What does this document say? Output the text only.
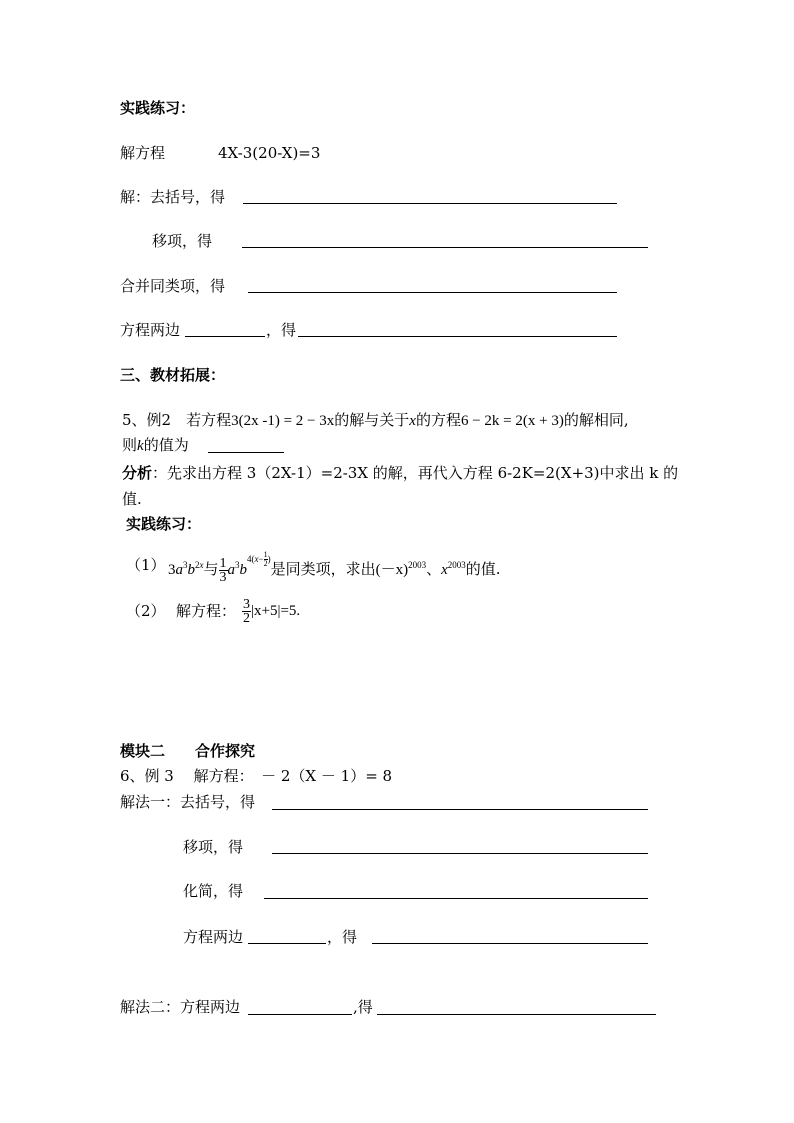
实践练习：
解方程	4X-3(20-X)=3
解：去括号，得
移项，得
合并同类项，得
方程两边	，得
三、教材拓展：
5、例2　若方程3(2x -1) = 2 − 3x的解与关于x的方程6 − 2k = 2(x + 3)的解相同,
则k的值为
分析：先求出方程 3（2X-1）=2-3X 的解，再代入方程 6-2K=2(X+3)中求出 k 的
值.
实践练习：
（1） $3a^3b^{2x}$与 $\frac{1}{3} a^3b^{4(x- \frac{1}{2} )}$是同类项，求出$(-x)^{2003}$、$x^{2003}$的值.
（2） 解方程： $\frac{3}{2} |x+5|=5$.
模块二　　合作探究
6、例 3　 解方程：　－ 2（X － 1）= 8
解法一：去括号，得
移项，得
化简，得
方程两边	，得
解法二：方程两边	,得
